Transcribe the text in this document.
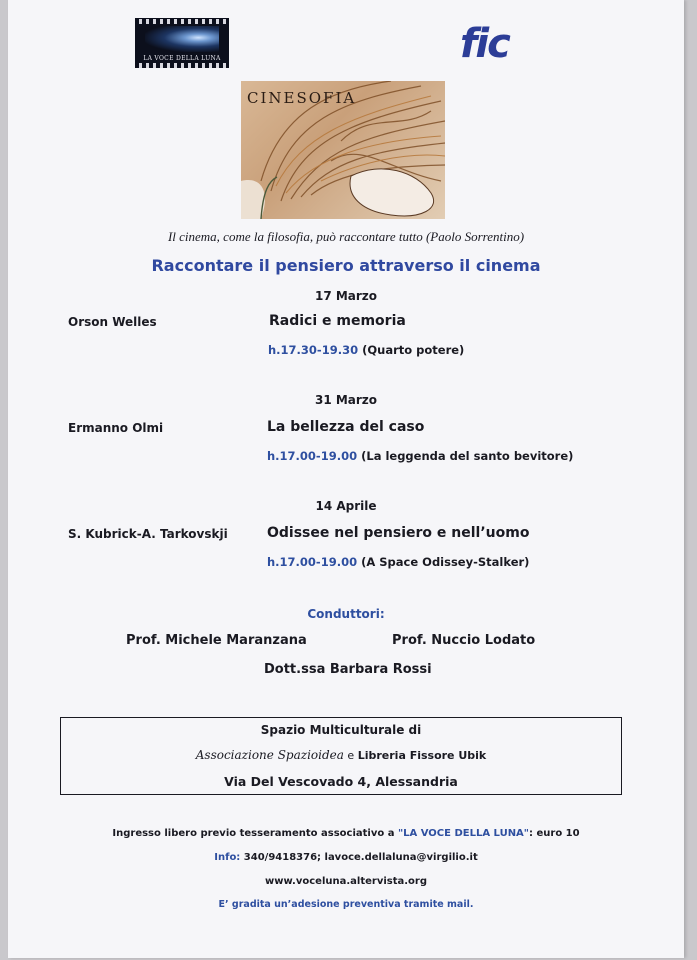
LA VOCE DELLA LUNA	fic
CINESOFIA
Il cinema, come la filosofia, può raccontare tutto (Paolo Sorrentino)
Raccontare il pensiero attraverso il cinema
17 Marzo
Orson Welles	Radici e memoria
h.17.30-19.30 (Quarto potere)
31 Marzo
Ermanno Olmi	La bellezza del caso
h.17.00-19.00 (La leggenda del santo bevitore)
14 Aprile
S. Kubrick-A. Tarkovskji	Odissee nel pensiero e nell’uomo
h.17.00-19.00 (A Space Odissey-Stalker)
Conduttori:
Prof. Michele Maranzana	Prof. Nuccio Lodato
Dott.ssa Barbara Rossi
Spazio Multiculturale di
Associazione Spazioidea e Libreria Fissore Ubik
Via Del Vescovado 4, Alessandria
Ingresso libero previo tesseramento associativo a "LA VOCE DELLA LUNA": euro 10
Info: 340/9418376; lavoce.dellaluna@virgilio.it
www.voceluna.altervista.org
E’ gradita un’adesione preventiva tramite mail.
